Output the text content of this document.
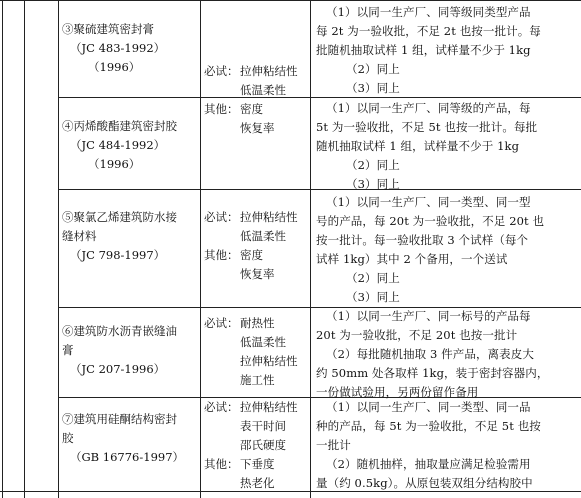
③聚硫建筑密封膏
（JC 483-1992）
（1996）	必试： 拉伸粘结性
低温柔性
其他： 密度
恢复率

（1）以同一生产厂、同等级同类型产品

每 2t 为一验收批，不足 2t 也按一批计。每

批随机抽取试样 1 组，试样量不少于 1kg

（2）同上

（3）同上

④丙烯酸酯建筑密封胶
（JC 484-1992）
（1996）

（1）以同一生产厂、同等级的产品，每

5t 为一验收批，不足 5t 也按一批计。每批

随机抽取试样 1 组，试样量不少于 1kg

（2）同上

（3）同上

⑤聚氯乙烯建筑防水接
缝材料
（JC 798-1997）
必试： 拉伸粘结性
低温柔性
其他： 密度
恢复率

（1）以同一生产厂、同一类型、同一型

号的产品，每 20t 为一验收批，不足 20t 也

按一批计。每一验收批取 3 个试样（每个

试样 1kg）其中 2 个备用，一个送试

（2）同上

（3）同上

⑥建筑防水沥青嵌缝油
膏
（JC 207-1996）
必试： 耐热性
低温柔性
拉伸粘结性
施工性

（1）以同一生产厂、同一标号的产品每

20t 为一验收批，不足 20t 也按一批计

（2）每批随机抽取 3 件产品，离表皮大

约 50mm 处各取样 1kg，装于密封容器内，

一份做试验用，另两份留作备用

⑦建筑用硅酮结构密封
胶
（GB 16776-1997）
必试： 拉伸粘结性
表干时间
邵氏硬度
其他： 下垂度
热老化

（1）以同一生产厂、同一类型、同一品

种的产品，每 5t 为一验收批，不足 5t 也按

一批计

（2）随机抽样，抽取量应满足检验需用

量（约 0.5kg）。从原包装双组分结构胶中
